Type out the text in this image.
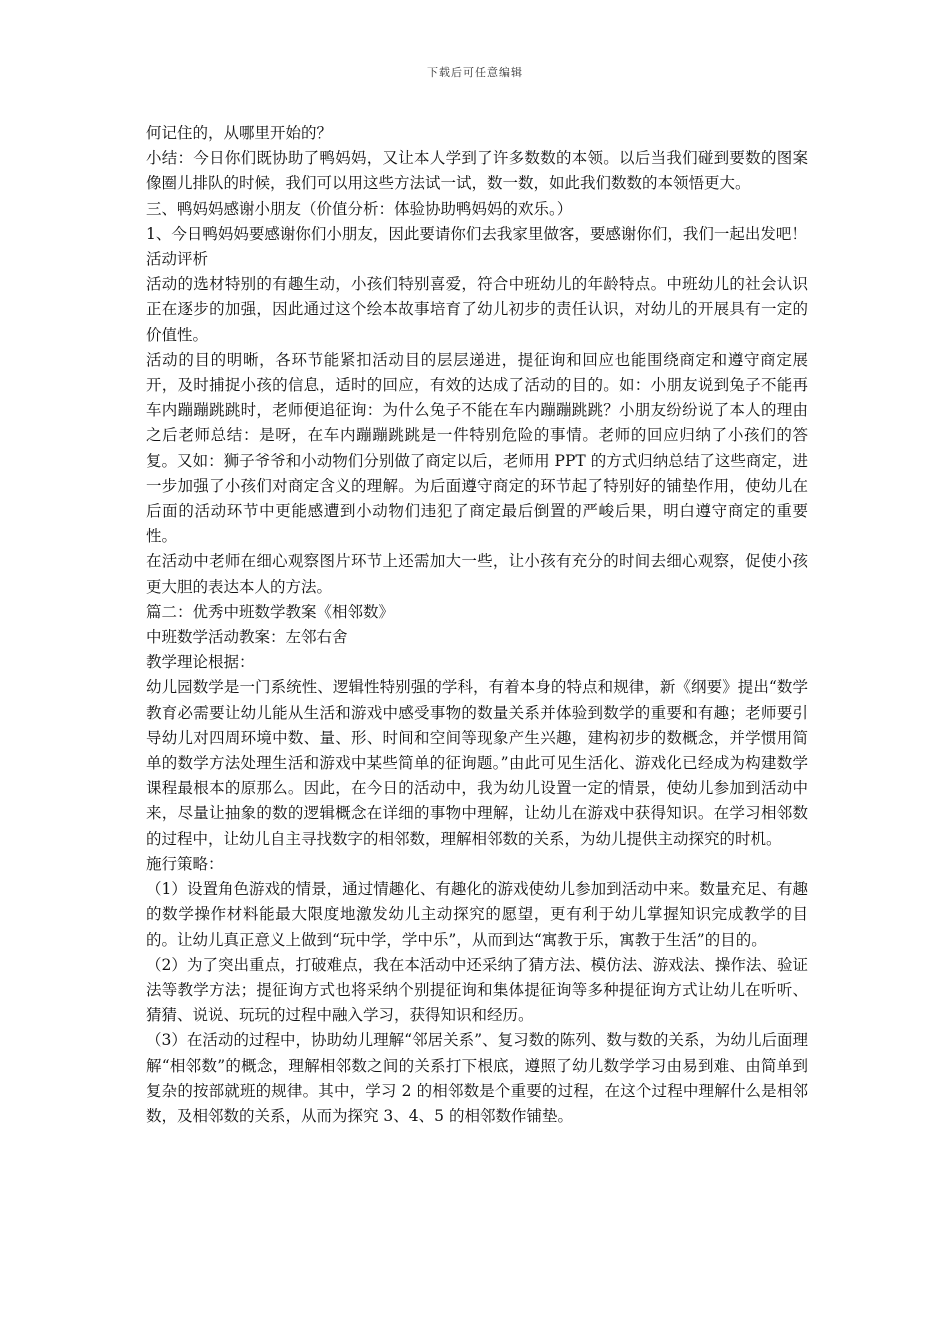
下载后可任意编辑

何记住的，从哪里开始的？

小结：今日你们既协助了鸭妈妈，又让本人学到了许多数数的本领。以后当我们碰到要数的图案像圈儿排队的时候，我们可以用这些方法试一试，数一数，如此我们数数的本领悟更大。

三、鸭妈妈感谢小朋友（价值分析：体验协助鸭妈妈的欢乐。）

1、今日鸭妈妈要感谢你们小朋友，因此要请你们去我家里做客，要感谢你们，我们一起出发吧！

活动评析

活动的选材特别的有趣生动，小孩们特别喜爱，符合中班幼儿的年龄特点。中班幼儿的社会认识正在逐步的加强，因此通过这个绘本故事培育了幼儿初步的责任认识，对幼儿的开展具有一定的价值性。

活动的目的明晰，各环节能紧扣活动目的层层递进，提征询和回应也能围绕商定和遵守商定展开，及时捕捉小孩的信息，适时的回应，有效的达成了活动的目的。如：小朋友说到兔子不能再车内蹦蹦跳跳时，老师便追征询：为什么兔子不能在车内蹦蹦跳跳？小朋友纷纷说了本人的理由之后老师总结：是呀，在车内蹦蹦跳跳是一件特别危险的事情。老师的回应归纳了小孩们的答复。又如：狮子爷爷和小动物们分别做了商定以后，老师用 PPT 的方式归纳总结了这些商定，进一步加强了小孩们对商定含义的理解。为后面遵守商定的环节起了特别好的铺垫作用，使幼儿在后面的活动环节中更能感遭到小动物们违犯了商定最后倒置的严峻后果，明白遵守商定的重要性。

在活动中老师在细心观察图片环节上还需加大一些，让小孩有充分的时间去细心观察，促使小孩更大胆的表达本人的方法。

篇二：优秀中班数学教案《相邻数》

中班数学活动教案：左邻右舍

教学理论根据：

幼儿园数学是一门系统性、逻辑性特别强的学科，有着本身的特点和规律，新《纲要》提出“数学教育必需要让幼儿能从生活和游戏中感受事物的数量关系并体验到数学的重要和有趣；老师要引导幼儿对四周环境中数、量、形、时间和空间等现象产生兴趣，建构初步的数概念，并学惯用简单的数学方法处理生活和游戏中某些简单的征询题。”由此可见生活化、游戏化已经成为构建数学课程最根本的原那么。因此，在今日的活动中，我为幼儿设置一定的情景，使幼儿参加到活动中来，尽量让抽象的数的逻辑概念在详细的事物中理解，让幼儿在游戏中获得知识。在学习相邻数的过程中，让幼儿自主寻找数字的相邻数，理解相邻数的关系，为幼儿提供主动探究的时机。

施行策略：

（1）设置角色游戏的情景，通过情趣化、有趣化的游戏使幼儿参加到活动中来。数量充足、有趣的数学操作材料能最大限度地激发幼儿主动探究的愿望，更有利于幼儿掌握知识完成教学的目的。让幼儿真正意义上做到“玩中学，学中乐”，从而到达“寓教于乐，寓教于生活”的目的。

（2）为了突出重点，打破难点，我在本活动中还采纳了猜方法、模仿法、游戏法、操作法、验证法等教学方法；提征询方式也将采纳个别提征询和集体提征询等多种提征询方式让幼儿在听听、猜猜、说说、玩玩的过程中融入学习，获得知识和经历。

（3）在活动的过程中，协助幼儿理解“邻居关系”、复习数的陈列、数与数的关系，为幼儿后面理解“相邻数”的概念，理解相邻数之间的关系打下根底，遵照了幼儿数学学习由易到难、由简单到复杂的按部就班的规律。其中，学习 2 的相邻数是个重要的过程，在这个过程中理解什么是相邻数，及相邻数的关系，从而为探究 3、4、5 的相邻数作铺垫。
